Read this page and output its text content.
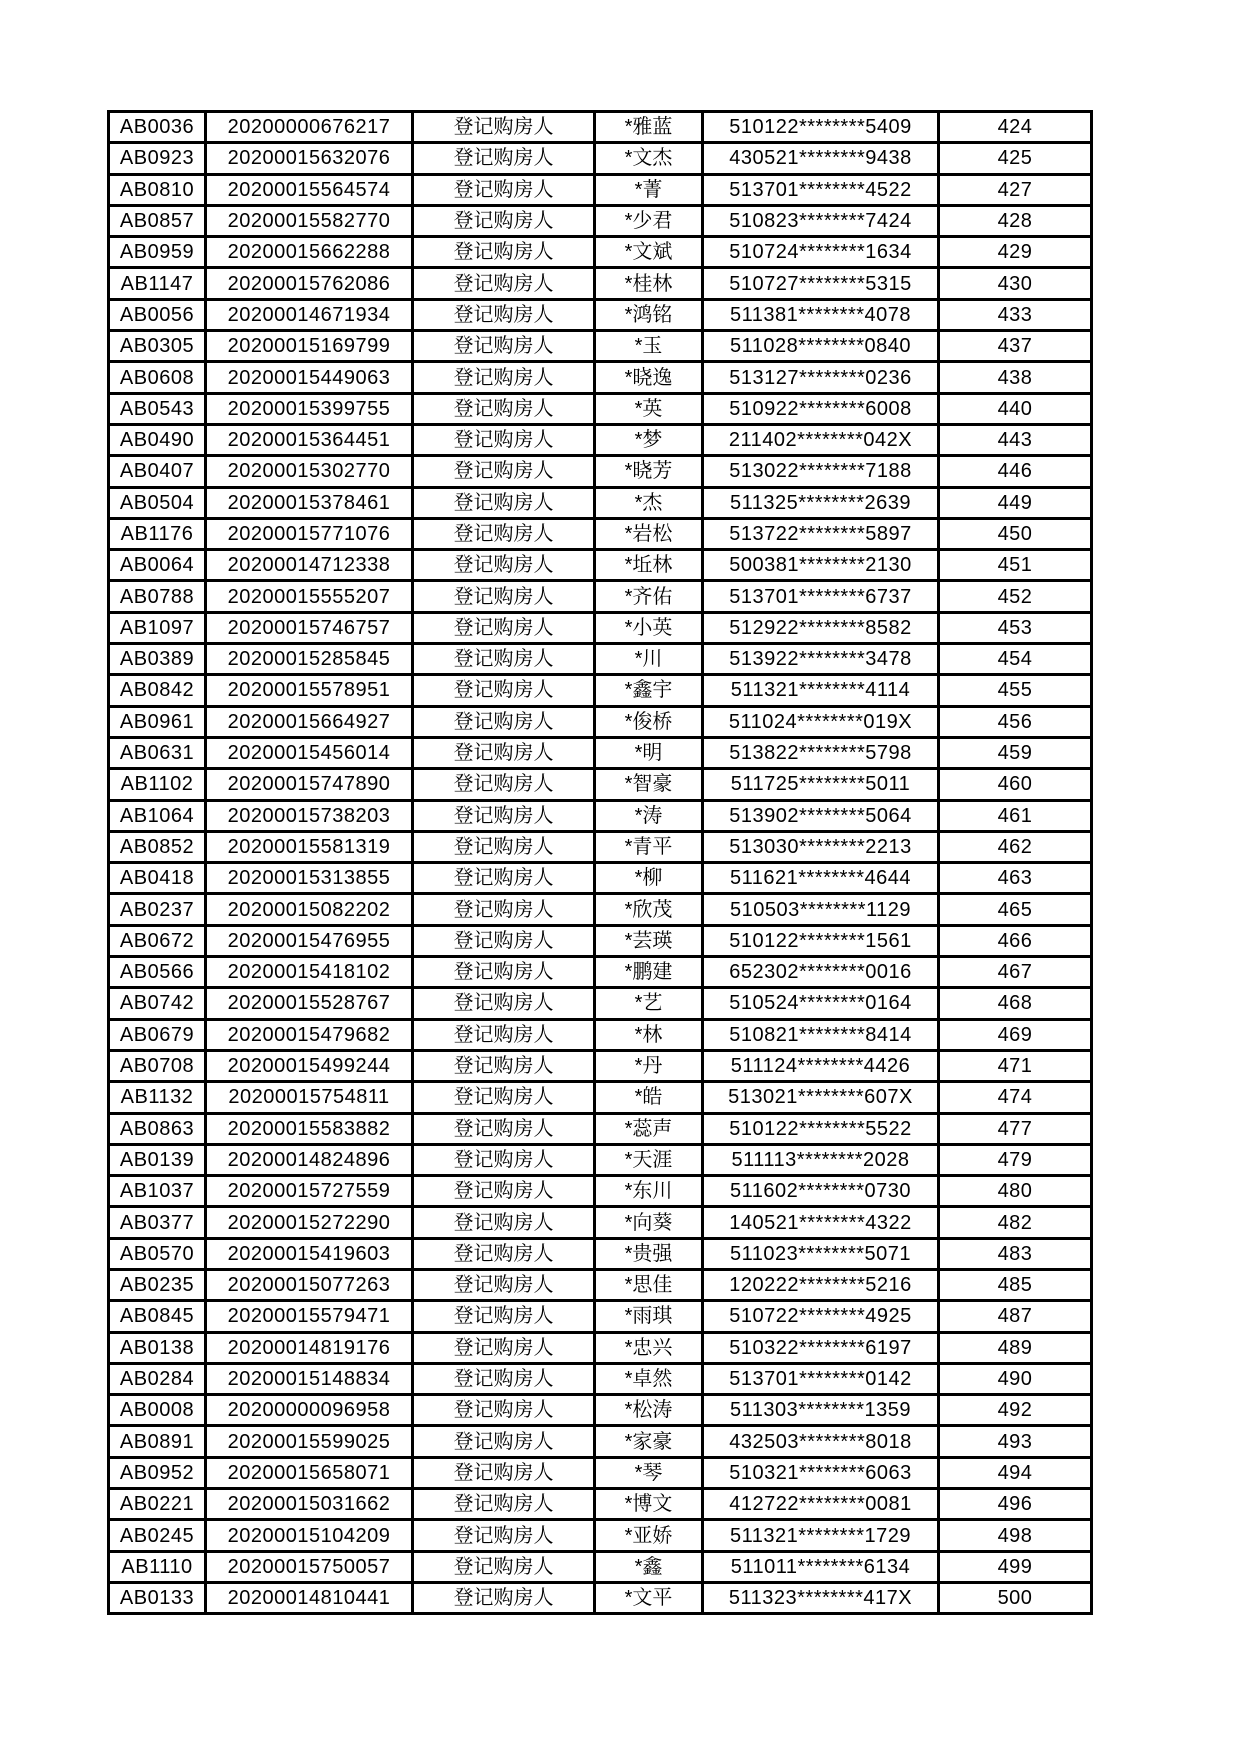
AB0036	20200000676217	登记购房人	*雅蓝	510122********5409	424
AB0923	20200015632076	登记购房人	*文杰	430521********9438	425
AB0810	20200015564574	登记购房人	*菁	513701********4522	427
AB0857	20200015582770	登记购房人	*少君	510823********7424	428
AB0959	20200015662288	登记购房人	*文斌	510724********1634	429
AB1147	20200015762086	登记购房人	*桂林	510727********5315	430
AB0056	20200014671934	登记购房人	*鸿铭	511381********4078	433
AB0305	20200015169799	登记购房人	*玉	511028********0840	437
AB0608	20200015449063	登记购房人	*晓逸	513127********0236	438
AB0543	20200015399755	登记购房人	*英	510922********6008	440
AB0490	20200015364451	登记购房人	*梦	211402********042X	443
AB0407	20200015302770	登记购房人	*晓芳	513022********7188	446
AB0504	20200015378461	登记购房人	*杰	511325********2639	449
AB1176	20200015771076	登记购房人	*岩松	513722********5897	450
AB0064	20200014712338	登记购房人	*坵林	500381********2130	451
AB0788	20200015555207	登记购房人	*齐佑	513701********6737	452
AB1097	20200015746757	登记购房人	*小英	512922********8582	453
AB0389	20200015285845	登记购房人	*川	513922********3478	454
AB0842	20200015578951	登记购房人	*鑫宇	511321********4114	455
AB0961	20200015664927	登记购房人	*俊桥	511024********019X	456
AB0631	20200015456014	登记购房人	*明	513822********5798	459
AB1102	20200015747890	登记购房人	*智豪	511725********5011	460
AB1064	20200015738203	登记购房人	*涛	513902********5064	461
AB0852	20200015581319	登记购房人	*青平	513030********2213	462
AB0418	20200015313855	登记购房人	*柳	511621********4644	463
AB0237	20200015082202	登记购房人	*欣茂	510503********1129	465
AB0672	20200015476955	登记购房人	*芸瑛	510122********1561	466
AB0566	20200015418102	登记购房人	*鹏建	652302********0016	467
AB0742	20200015528767	登记购房人	*艺	510524********0164	468
AB0679	20200015479682	登记购房人	*林	510821********8414	469
AB0708	20200015499244	登记购房人	*丹	511124********4426	471
AB1132	20200015754811	登记购房人	*皓	513021********607X	474
AB0863	20200015583882	登记购房人	*蕊声	510122********5522	477
AB0139	20200014824896	登记购房人	*天涯	511113********2028	479
AB1037	20200015727559	登记购房人	*东川	511602********0730	480
AB0377	20200015272290	登记购房人	*向葵	140521********4322	482
AB0570	20200015419603	登记购房人	*贵强	511023********5071	483
AB0235	20200015077263	登记购房人	*思佳	120222********5216	485
AB0845	20200015579471	登记购房人	*雨琪	510722********4925	487
AB0138	20200014819176	登记购房人	*忠兴	510322********6197	489
AB0284	20200015148834	登记购房人	*卓然	513701********0142	490
AB0008	20200000096958	登记购房人	*松涛	511303********1359	492
AB0891	20200015599025	登记购房人	*家豪	432503********8018	493
AB0952	20200015658071	登记购房人	*琴	510321********6063	494
AB0221	20200015031662	登记购房人	*博文	412722********0081	496
AB0245	20200015104209	登记购房人	*亚娇	511321********1729	498
AB1110	20200015750057	登记购房人	*鑫	511011********6134	499
AB0133	20200014810441	登记购房人	*文平	511323********417X	500
